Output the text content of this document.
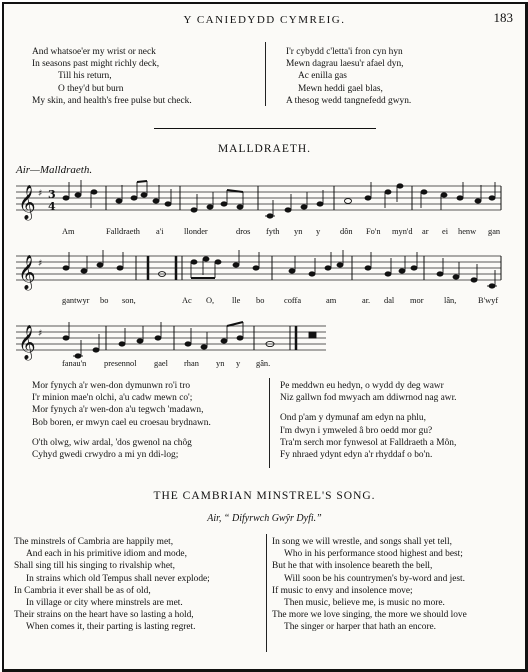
Y CANIEDYDD CYMREIG.	183
And whatsoe'er my wrist or neck
In seasons past might richly deck,
Till his return,
O they'd but burn
My skin, and health's free pulse but check.
I'r cybydd c'letta'i fron cyn hyn
Mewn dagrau laesu'r afael dyn,
Ac enilla gas
Mewn heddi gael blas,
A thesog wedd tangnefedd gwyn.
MALLDRAETH.
Air—Malldraeth.
𝄞
𝄞
𝄞
♯
♯
♯
3
4
Am	Falldraeth a'i llonder	dros fyth yn y dôn Fo'n myn'd ar ei henw gan
gantwyr bo son,	Ac O, lle bo coffa	am	ar. dal mor lân,	B'wyf
fanau'n presennol gael rhan yn y gân.
Mor fynych a'r wen-don dymunwn ro'i tro
I'r minion mae'n olchi, a'u cadw mewn co';
Mor fynych a'r wen-don a'u tegwch 'madawn,
Bob boren, er mwyn cael eu croesau brydnawn.
O'th olwg, wiw ardal, 'dos gwenol na chôg
Cyhyd gwedi crwydro a mi yn ddi-log;
Pe meddwn eu hedyn, o wydd dy deg wawr
Niz gallwn fod mwyach am ddiwrnod nag awr.
Ond p'am y dymunaf am edyn na phlu,
I'm dwyn i ymweled â bro oedd mor gu?
Tra'm serch mor fynwesol at Falldraeth a Môn,
Fy nhraed ydynt edyn a'r rhyddaf o bo'n.
THE CAMBRIAN MINSTREL'S SONG.
Air, “ Difyrwch Gwŷr Dyfi.”
The minstrels of Cambria are happily met,
And each in his primitive idiom and mode,
Shall sing till his singing to rivalship whet,
In strains which old Tempus shall never explode;
In Cambria it ever shall be as of old,
In village or city where minstrels are met.
Their strains on the heart have so lasting a hold,
When comes it, their parting is lasting regret.
In song we will wrestle, and songs shall yet tell,
Who in his performance stood highest and best;
But he that with insolence beareth the bell,
Will soon be his countrymen's by-word and jest.
If music to envy and insolence move;
Then music, believe me, is music no more.
The more we love singing, the more we should love
The singer or harper that hath an encore.
